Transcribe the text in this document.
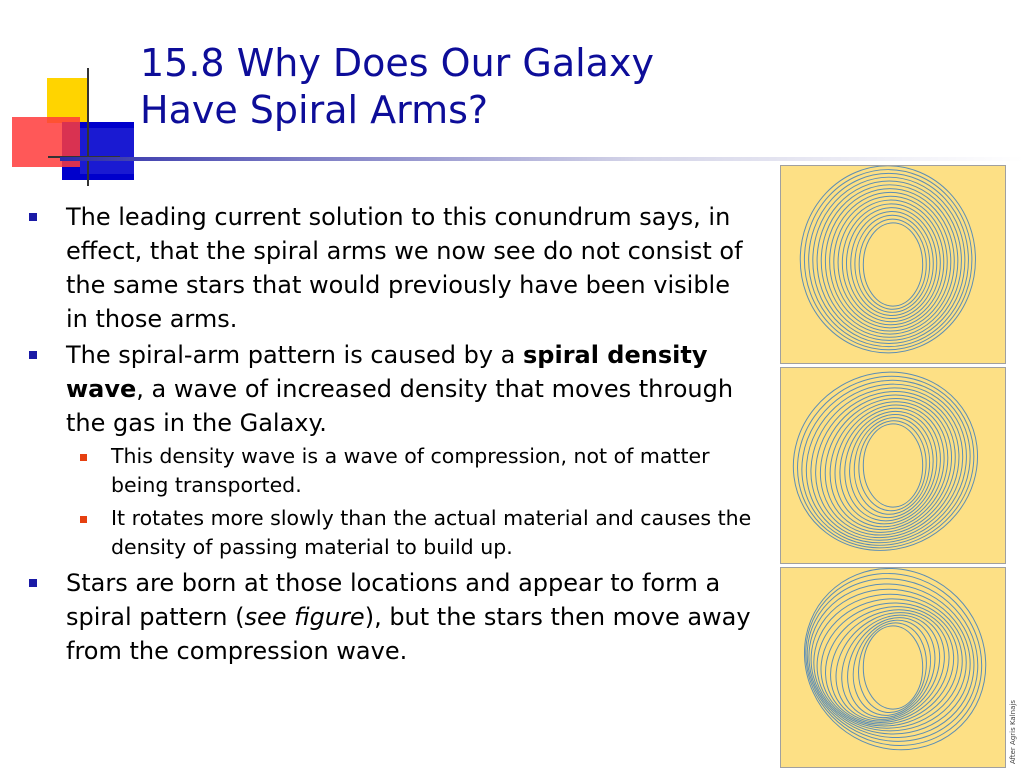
15.8 Why Does Our Galaxy
Have Spiral Arms?
The leading current solution to this conundrum says, in effect, that the spiral arms we now see do not consist of the same stars that would previously have been visible in those arms.
The spiral-arm pattern is caused by a spiral density wave, a wave of increased density that moves through the gas in the Galaxy.
This density wave is a wave of compression, not of matter being transported.
It rotates more slowly than the actual material and causes the density of passing material to build up.
Stars are born at those locations and appear to form a spiral pattern (see figure), but the stars then move away from the compression wave.
After Agris Kalnajs
